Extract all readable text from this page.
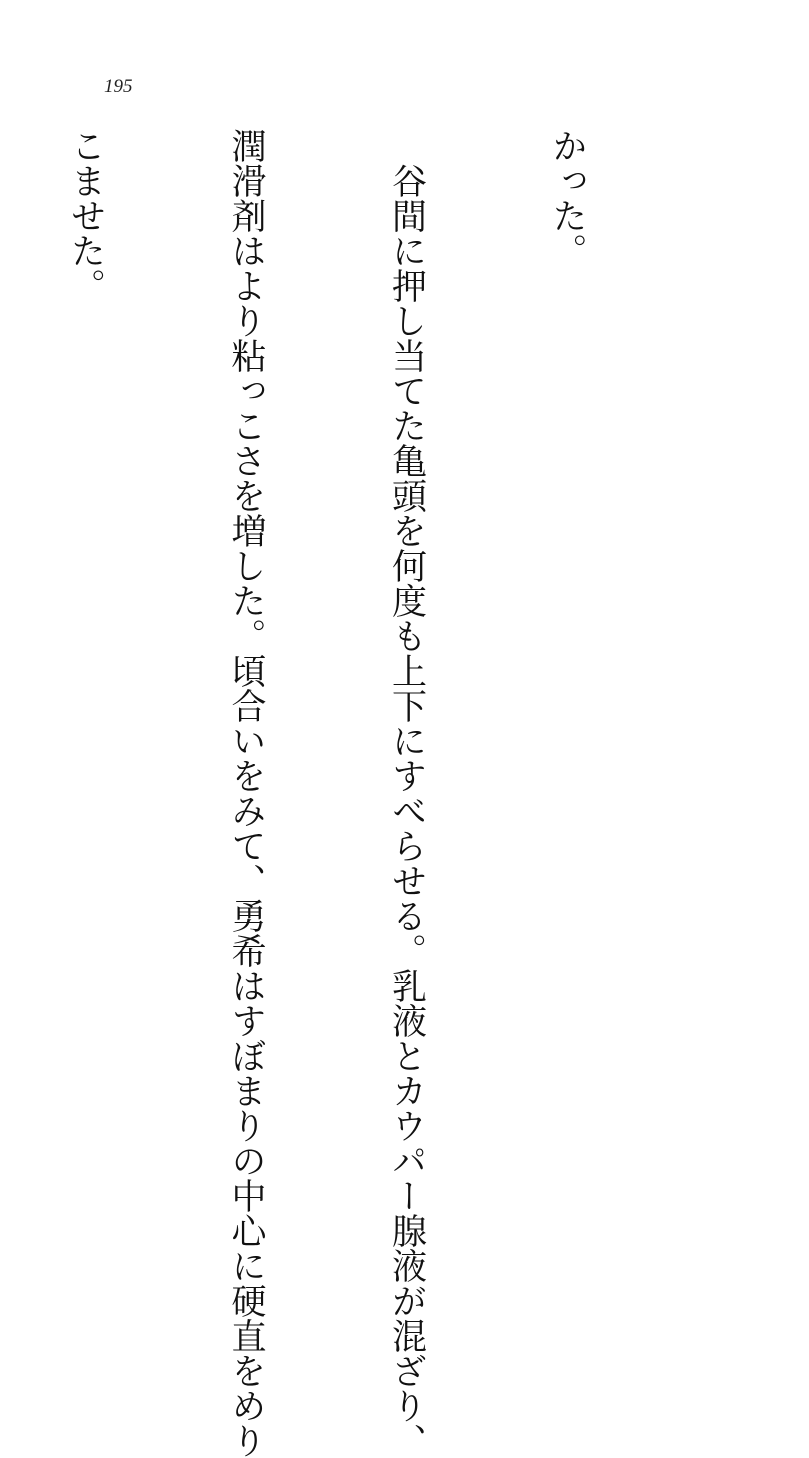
195

かった。

　谷間に押し当てた亀頭を何度も上下にすべらせる。乳液とカウパー腺液が混ざり、

潤滑剤はより粘っこさを増した。頃合いをみて、勇希はすぼまりの中心に硬直をめり

こませた。
